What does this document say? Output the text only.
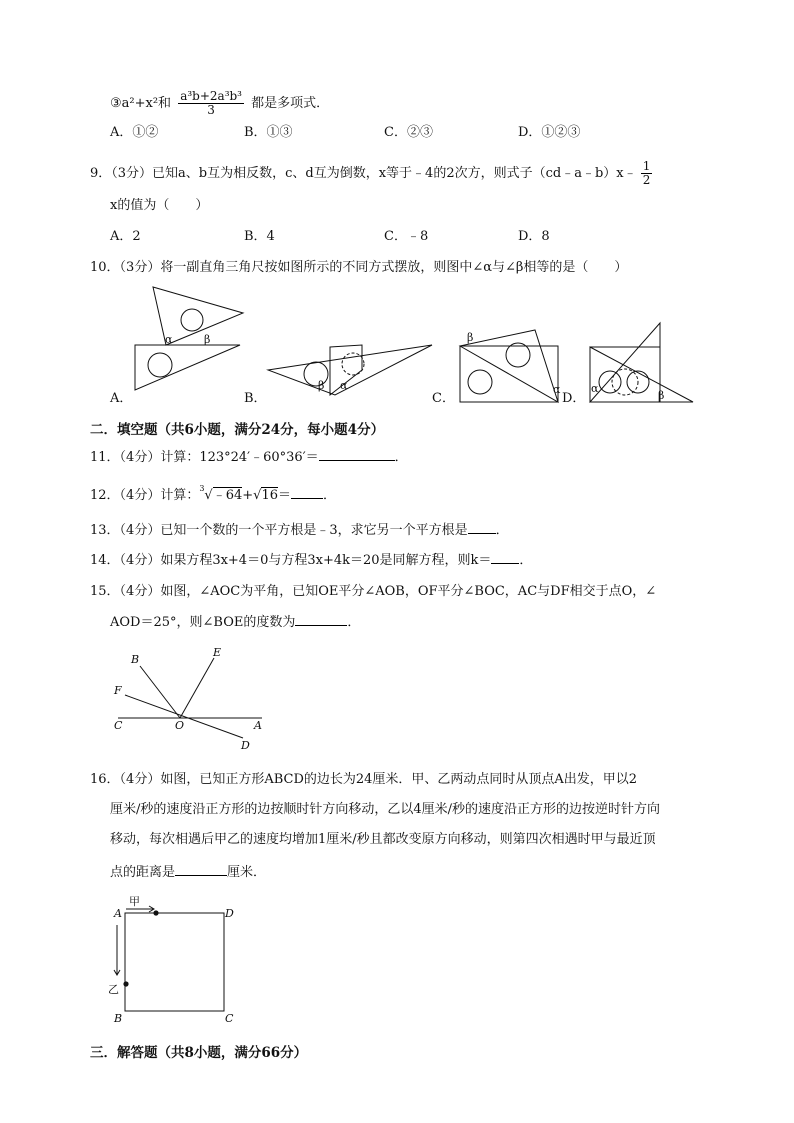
③a²+x²和 $\frac{\text{a³b+2a³b³}}{3}$ 都是多项式．
A．①②	B．①③	C．②③	D．①②③
9．（3分）已知a、b互为相反数，c、d互为倒数，x等于﹣4的2次方，则式子（cd﹣a﹣b）x﹣ $\frac{1}{2}$
x的值为（　　）
A．2	B．4	C．﹣8	D．8
10．（3分）将一副直角三角尺按如图所示的不同方式摆放，则图中∠α与∠β相等的是（　　）
α	β
β α
β
α	α
β
A．	B．	C．	D．
二．填空题（共6小题，满分24分，每小题4分）
11．（4分）计算：123°24′﹣60°36′＝	．
12．（4分）计算：$^3$√﹣64+√16＝ ．
13．（4分）已知一个数的一个平方根是﹣3，求它另一个平方根是 ．
14．（4分）如果方程3x+4＝0与方程3x+4k＝20是同解方程，则k＝ ．
15．（4分）如图，∠AOC为平角，已知OE平分∠AOB，OF平分∠BOC，AC与DF相交于点O，∠
AOD＝25°，则∠BOE的度数为	．
B
E
F
C	O	A
D
16．（4分）如图，已知正方形ABCD的边长为24厘米．甲、乙两动点同时从顶点A出发，甲以2
厘米/秒的速度沿正方形的边按顺时针方向移动，乙以4厘米/秒的速度沿正方形的边按逆时针方向
移动，每次相遇后甲乙的速度均增加1厘米/秒且都改变原方向移动，则第四次相遇时甲与最近顶
点的距离是	厘米．
A	D
B	C
甲
乙
三．解答题（共8小题，满分66分）
